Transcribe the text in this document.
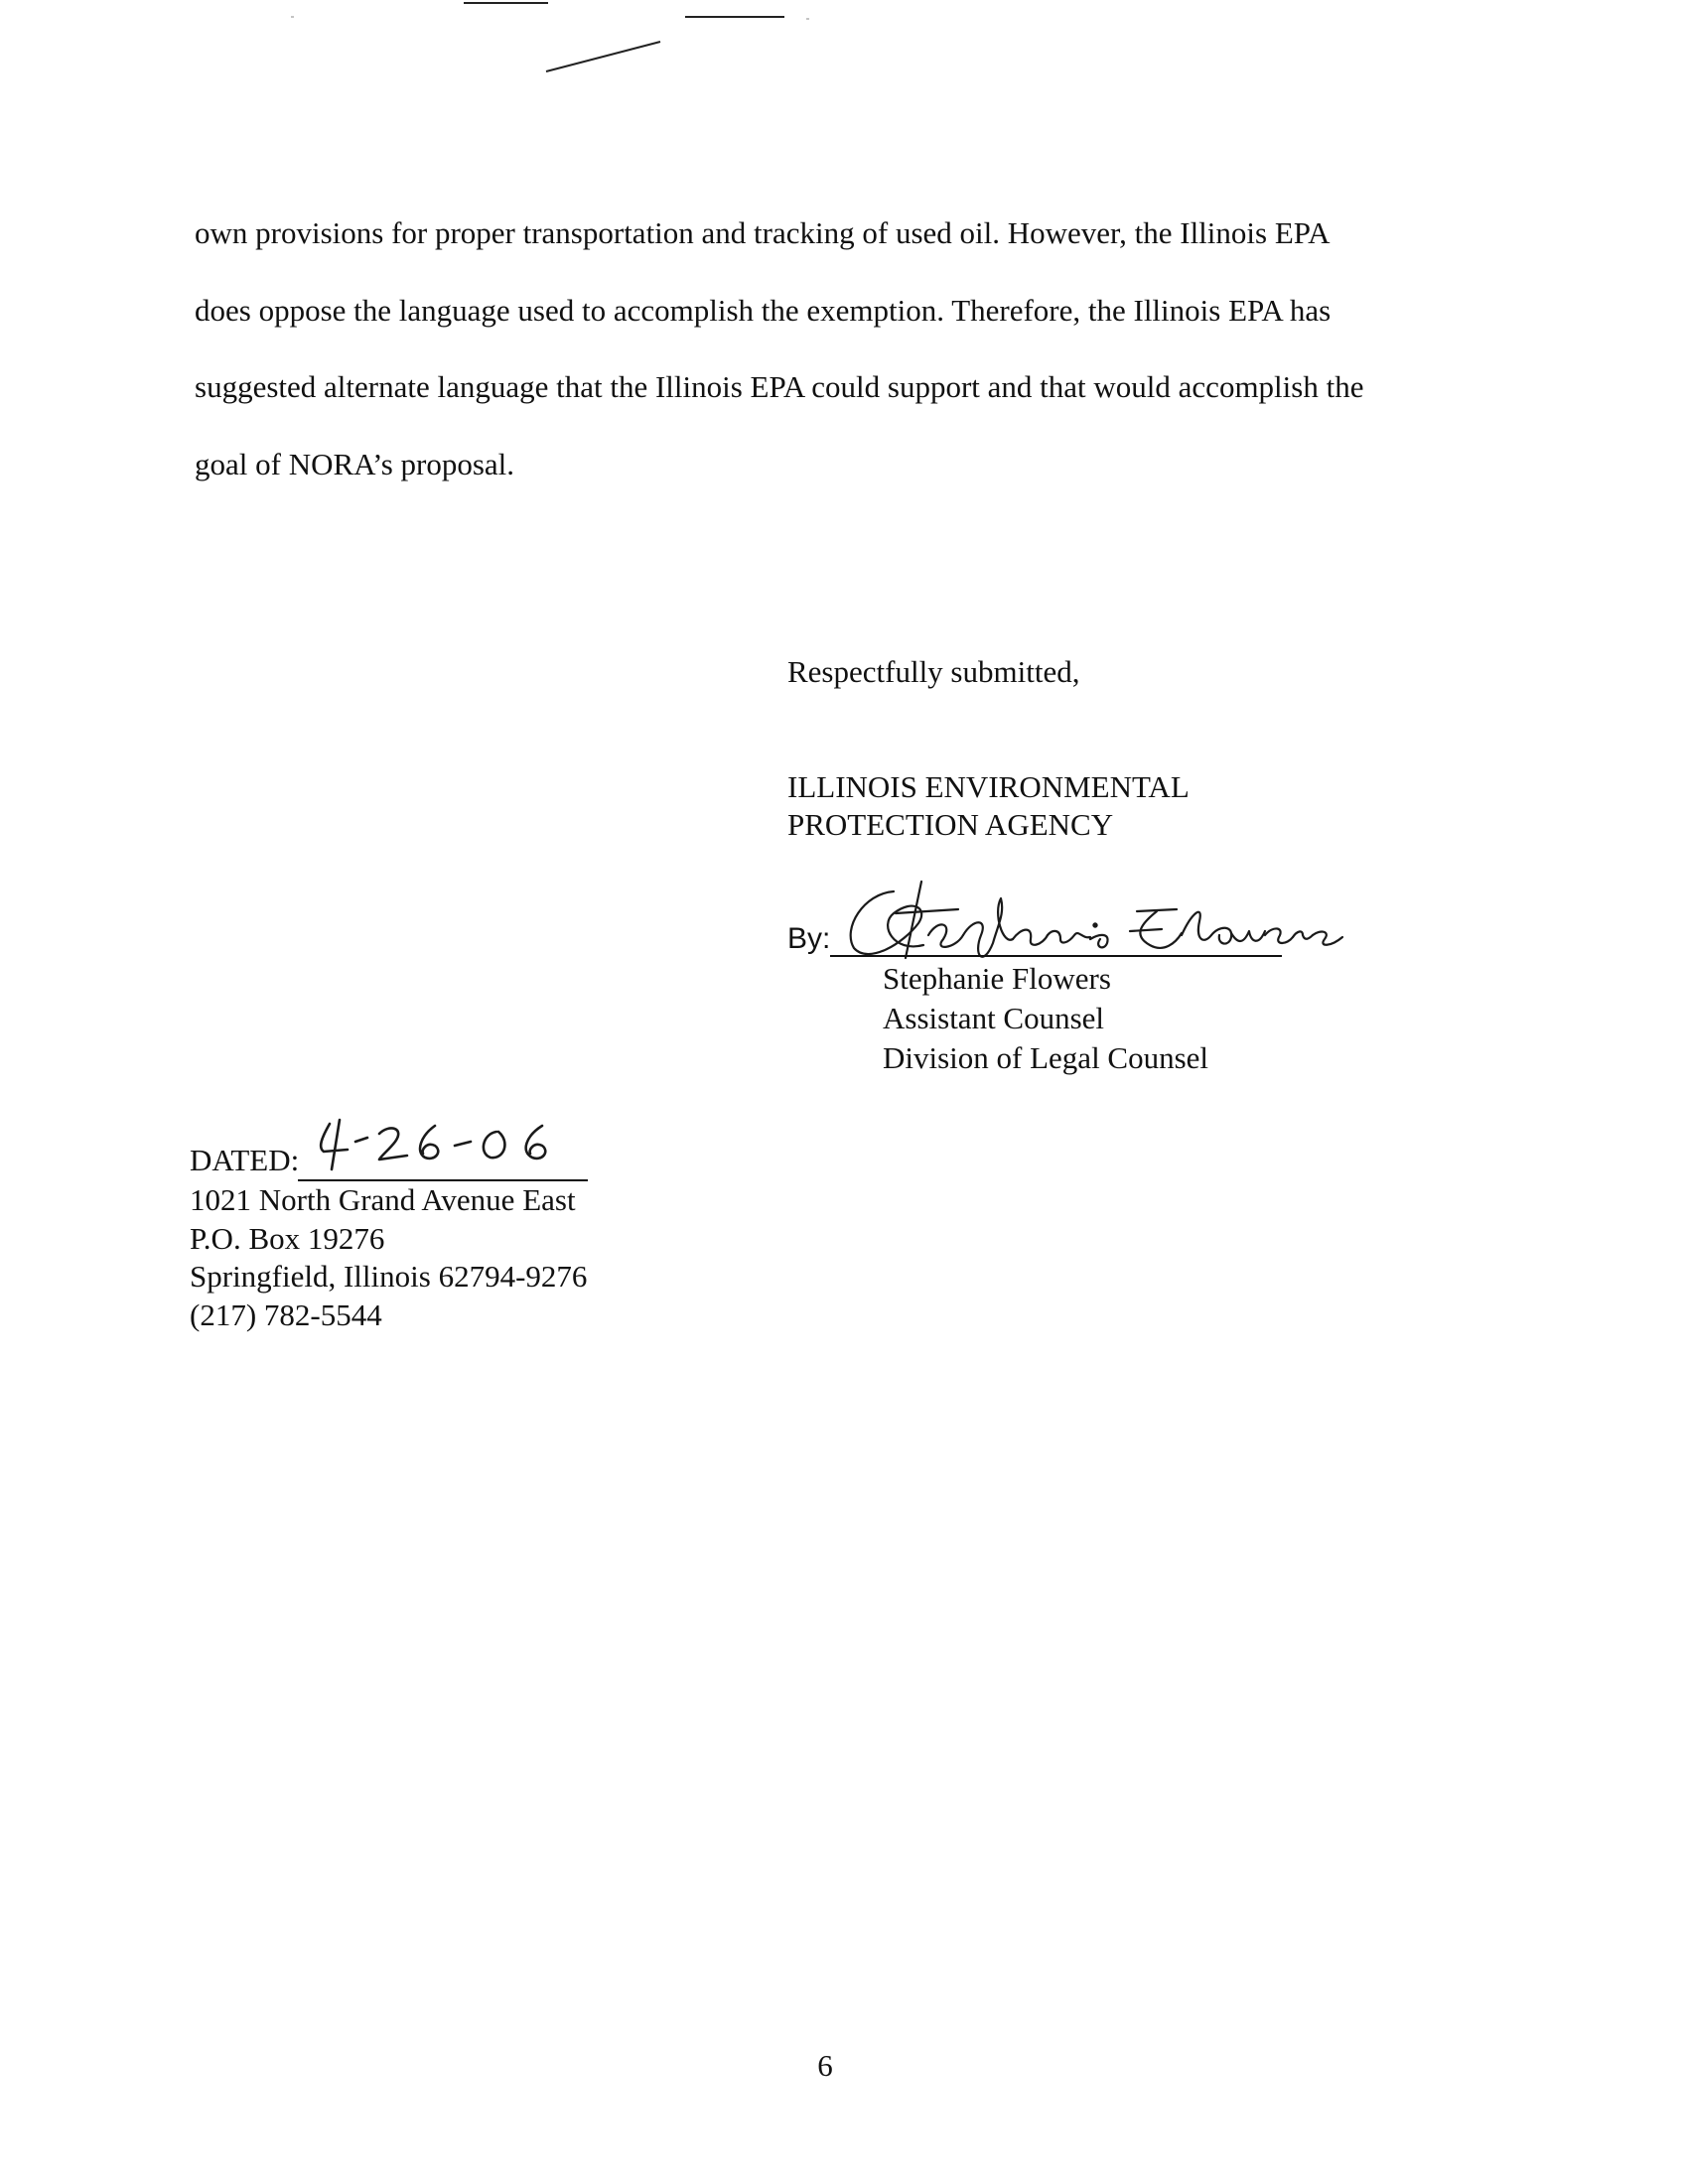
own provisions for proper transportation and tracking of used oil. However, the Illinois EPA
does oppose the language used to accomplish the exemption. Therefore, the Illinois EPA has
suggested alternate language that the Illinois EPA could support and that would accomplish the
goal of NORA’s proposal.

Respectfully submitted,
ILLINOIS ENVIRONMENTAL
PROTECTION AGENCY
By:
Stephanie Flowers
Assistant Counsel
Division of Legal Counsel
DATED:
1021 North Grand Avenue East
P.O. Box 19276
Springfield, Illinois 62794-9276
(217) 782-5544
6
